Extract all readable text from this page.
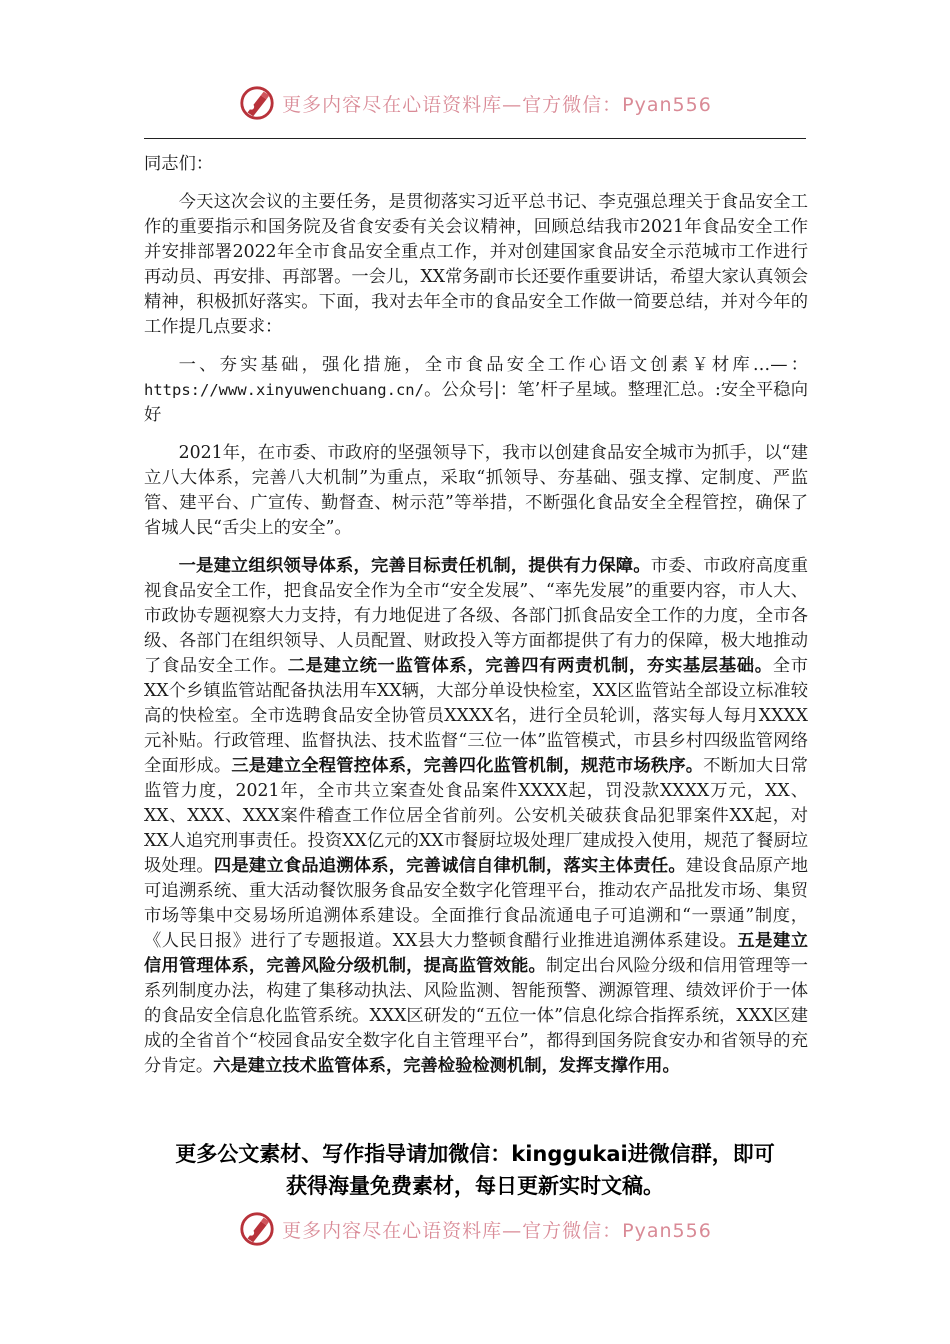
更多内容尽在心语资料库—官方微信：Pyan556

同志们：

今天这次会议的主要任务，是贯彻落实习近平总书记、李克强总理关于食品安全工作的重要指示和国务院及省食安委有关会议精神，回顾总结我市2021年食品安全工作并安排部署2022年全市食品安全重点工作，并对创建国家食品安全示范城市工作进行再动员、再安排、再部署。一会儿，XX常务副市长还要作重要讲话，希望大家认真领会精神，积极抓好落实。下面，我对去年全市的食品安全工作做一简要总结，并对今年的工作提几点要求：

一、夯实基础，强化措施，全市食品安全工作心语文创素￥材库…—：https://www.xinyuwenchuang.cn/。公众号|：笔’杆子星域。整理汇总。:安全平稳向好

2021年，在市委、市政府的坚强领导下，我市以创建食品安全城市为抓手，以“建立八大体系，完善八大机制”为重点，采取“抓领导、夯基础、强支撑、定制度、严监管、建平台、广宣传、勤督查、树示范”等举措，不断强化食品安全全程管控，确保了省城人民“舌尖上的安全”。

一是建立组织领导体系，完善目标责任机制，提供有力保障。市委、市政府高度重视食品安全工作，把食品安全作为全市“安全发展”、“率先发展”的重要内容，市人大、市政协专题视察大力支持，有力地促进了各级、各部门抓食品安全工作的力度，全市各级、各部门在组织领导、人员配置、财政投入等方面都提供了有力的保障，极大地推动了食品安全工作。二是建立统一监管体系，完善四有两责机制，夯实基层基础。全市XX个乡镇监管站配备执法用车XX辆，大部分单设快检室，XX区监管站全部设立标准较高的快检室。全市选聘食品安全协管员XXXX名，进行全员轮训，落实每人每月XXXX元补贴。行政管理、监督执法、技术监督“三位一体”监管模式，市县乡村四级监管网络全面形成。三是建立全程管控体系，完善四化监管机制，规范市场秩序。不断加大日常监管力度，2021年，全市共立案查处食品案件XXXX起，罚没款XXXX万元，XX、XX、XXX、XXX案件稽查工作位居全省前列。公安机关破获食品犯罪案件XX起，对XX人追究刑事责任。投资XX亿元的XX市餐厨垃圾处理厂建成投入使用，规范了餐厨垃圾处理。四是建立食品追溯体系，完善诚信自律机制，落实主体责任。建设食品原产地可追溯系统、重大活动餐饮服务食品安全数字化管理平台，推动农产品批发市场、集贸市场等集中交易场所追溯体系建设。全面推行食品流通电子可追溯和“一票通”制度，《人民日报》进行了专题报道。XX县大力整顿食醋行业推进追溯体系建设。五是建立信用管理体系，完善风险分级机制，提高监管效能。制定出台风险分级和信用管理等一系列制度办法，构建了集移动执法、风险监测、智能预警、溯源管理、绩效评价于一体的食品安全信息化监管系统。XXX区研发的“五位一体”信息化综合指挥系统，XXX区建成的全省首个“校园食品安全数字化自主管理平台”，都得到国务院食安办和省领导的充分肯定。六是建立技术监管体系，完善检验检测机制，发挥支撑作用。

更多公文素材、写作指导请加微信：kinggukai进微信群，即可
获得海量免费素材，每日更新实时文稿。
更多内容尽在心语资料库—官方微信：Pyan556
